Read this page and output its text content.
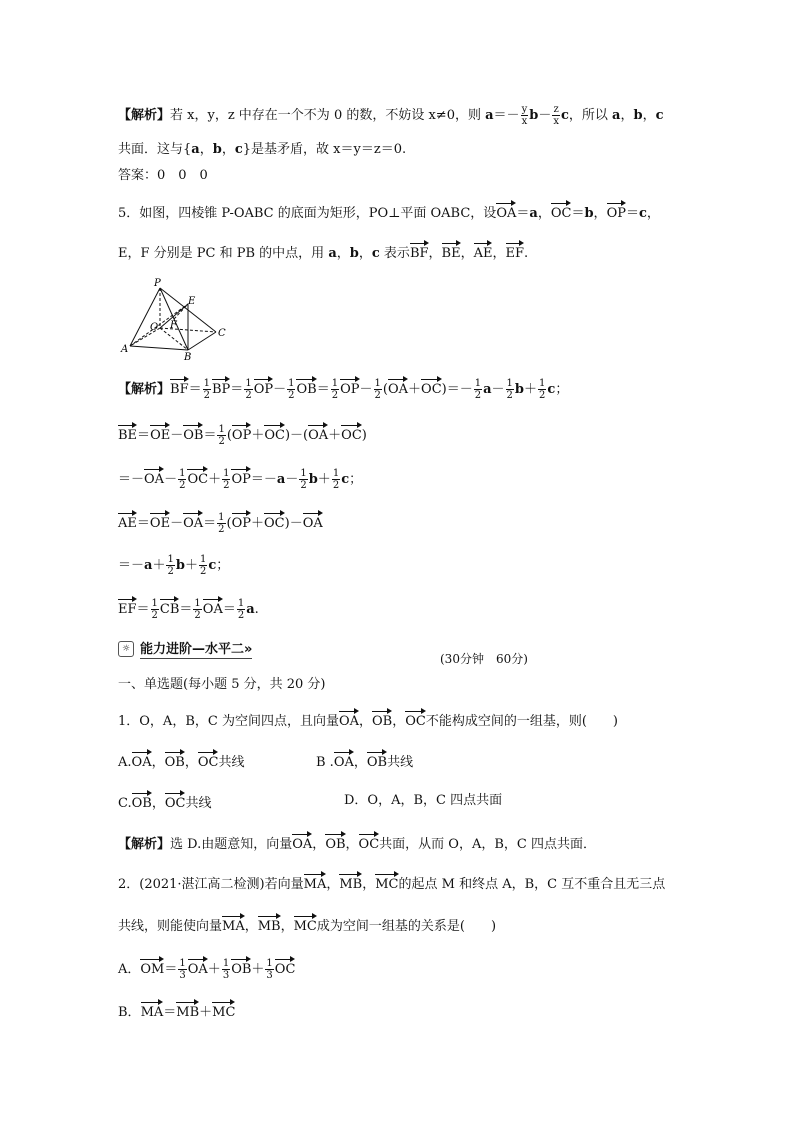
【解析】若 x，y，z 中存在一个不为 0 的数，不妨设 x≠0，则 $a=- \frac{y}{x} b- \frac{z}{x}$ c，所以 a，b，c
共面．这与{a，b，c}是基矛盾，故 x＝y＝z＝0.
答案：0　0　0
5．如图，四棱锥 P-OABC 的底面为矩形，PO⊥平面 OABC，设OA＝a，OC＝b，OP＝c，
E，F 分别是 PC 和 PB 的中点，用 a，b，c 表示BF，BE，AE，EF.
P
E
O F
C
A
B
【解析】$BF= \frac{1}{2} BP= \frac{1}{2} OP- \frac{1}{2} OB= \frac{1}{2} OP- \frac{1}{2} (OA+OC)=- \frac{1}{2} a- \frac{1}{2} b+ \frac{1}{2}$ c；
$BE=OE-OB= \frac{1}{2} (OP+OC)-(OA+OC)$
$=-OA- \frac{1}{2} OC+ \frac{1}{2} OP=-a- \frac{1}{2} b+ \frac{1}{2}$ c；
$AE=OE-OA= \frac{1}{2} (OP+OC)-OA$
$=-a+ \frac{1}{2} b+ \frac{1}{2}$ c；
$EF= \frac{1}{2} CB= \frac{1}{2} OA= \frac{1}{2} a$.
☼ 能力进阶—水平二»
(30分钟　60分)
一、单选题(每小题 5 分，共 20 分)
1．O，A，B，C 为空间四点，且向量OA，OB，OC不能构成空间的一组基，则(　　)
A.OA，OB，OC共线	B .OA，OB共线
C.OB，OC共线	D．O，A，B，C 四点共面
【解析】选 D.由题意知，向量OA，OB，OC共面，从而 O，A，B，C 四点共面．
2．(2021·湛江高二检测)若向量MA，MB，MC的起点 M 和终点 A，B，C 互不重合且无三点
共线，则能使向量MA，MB，MC成为空间一组基的关系是(　　)
A．$OM= \frac{1}{3} OA+ \frac{1}{3} OB+ \frac{1}{3}$ OC
B．MA＝MB＋MC
